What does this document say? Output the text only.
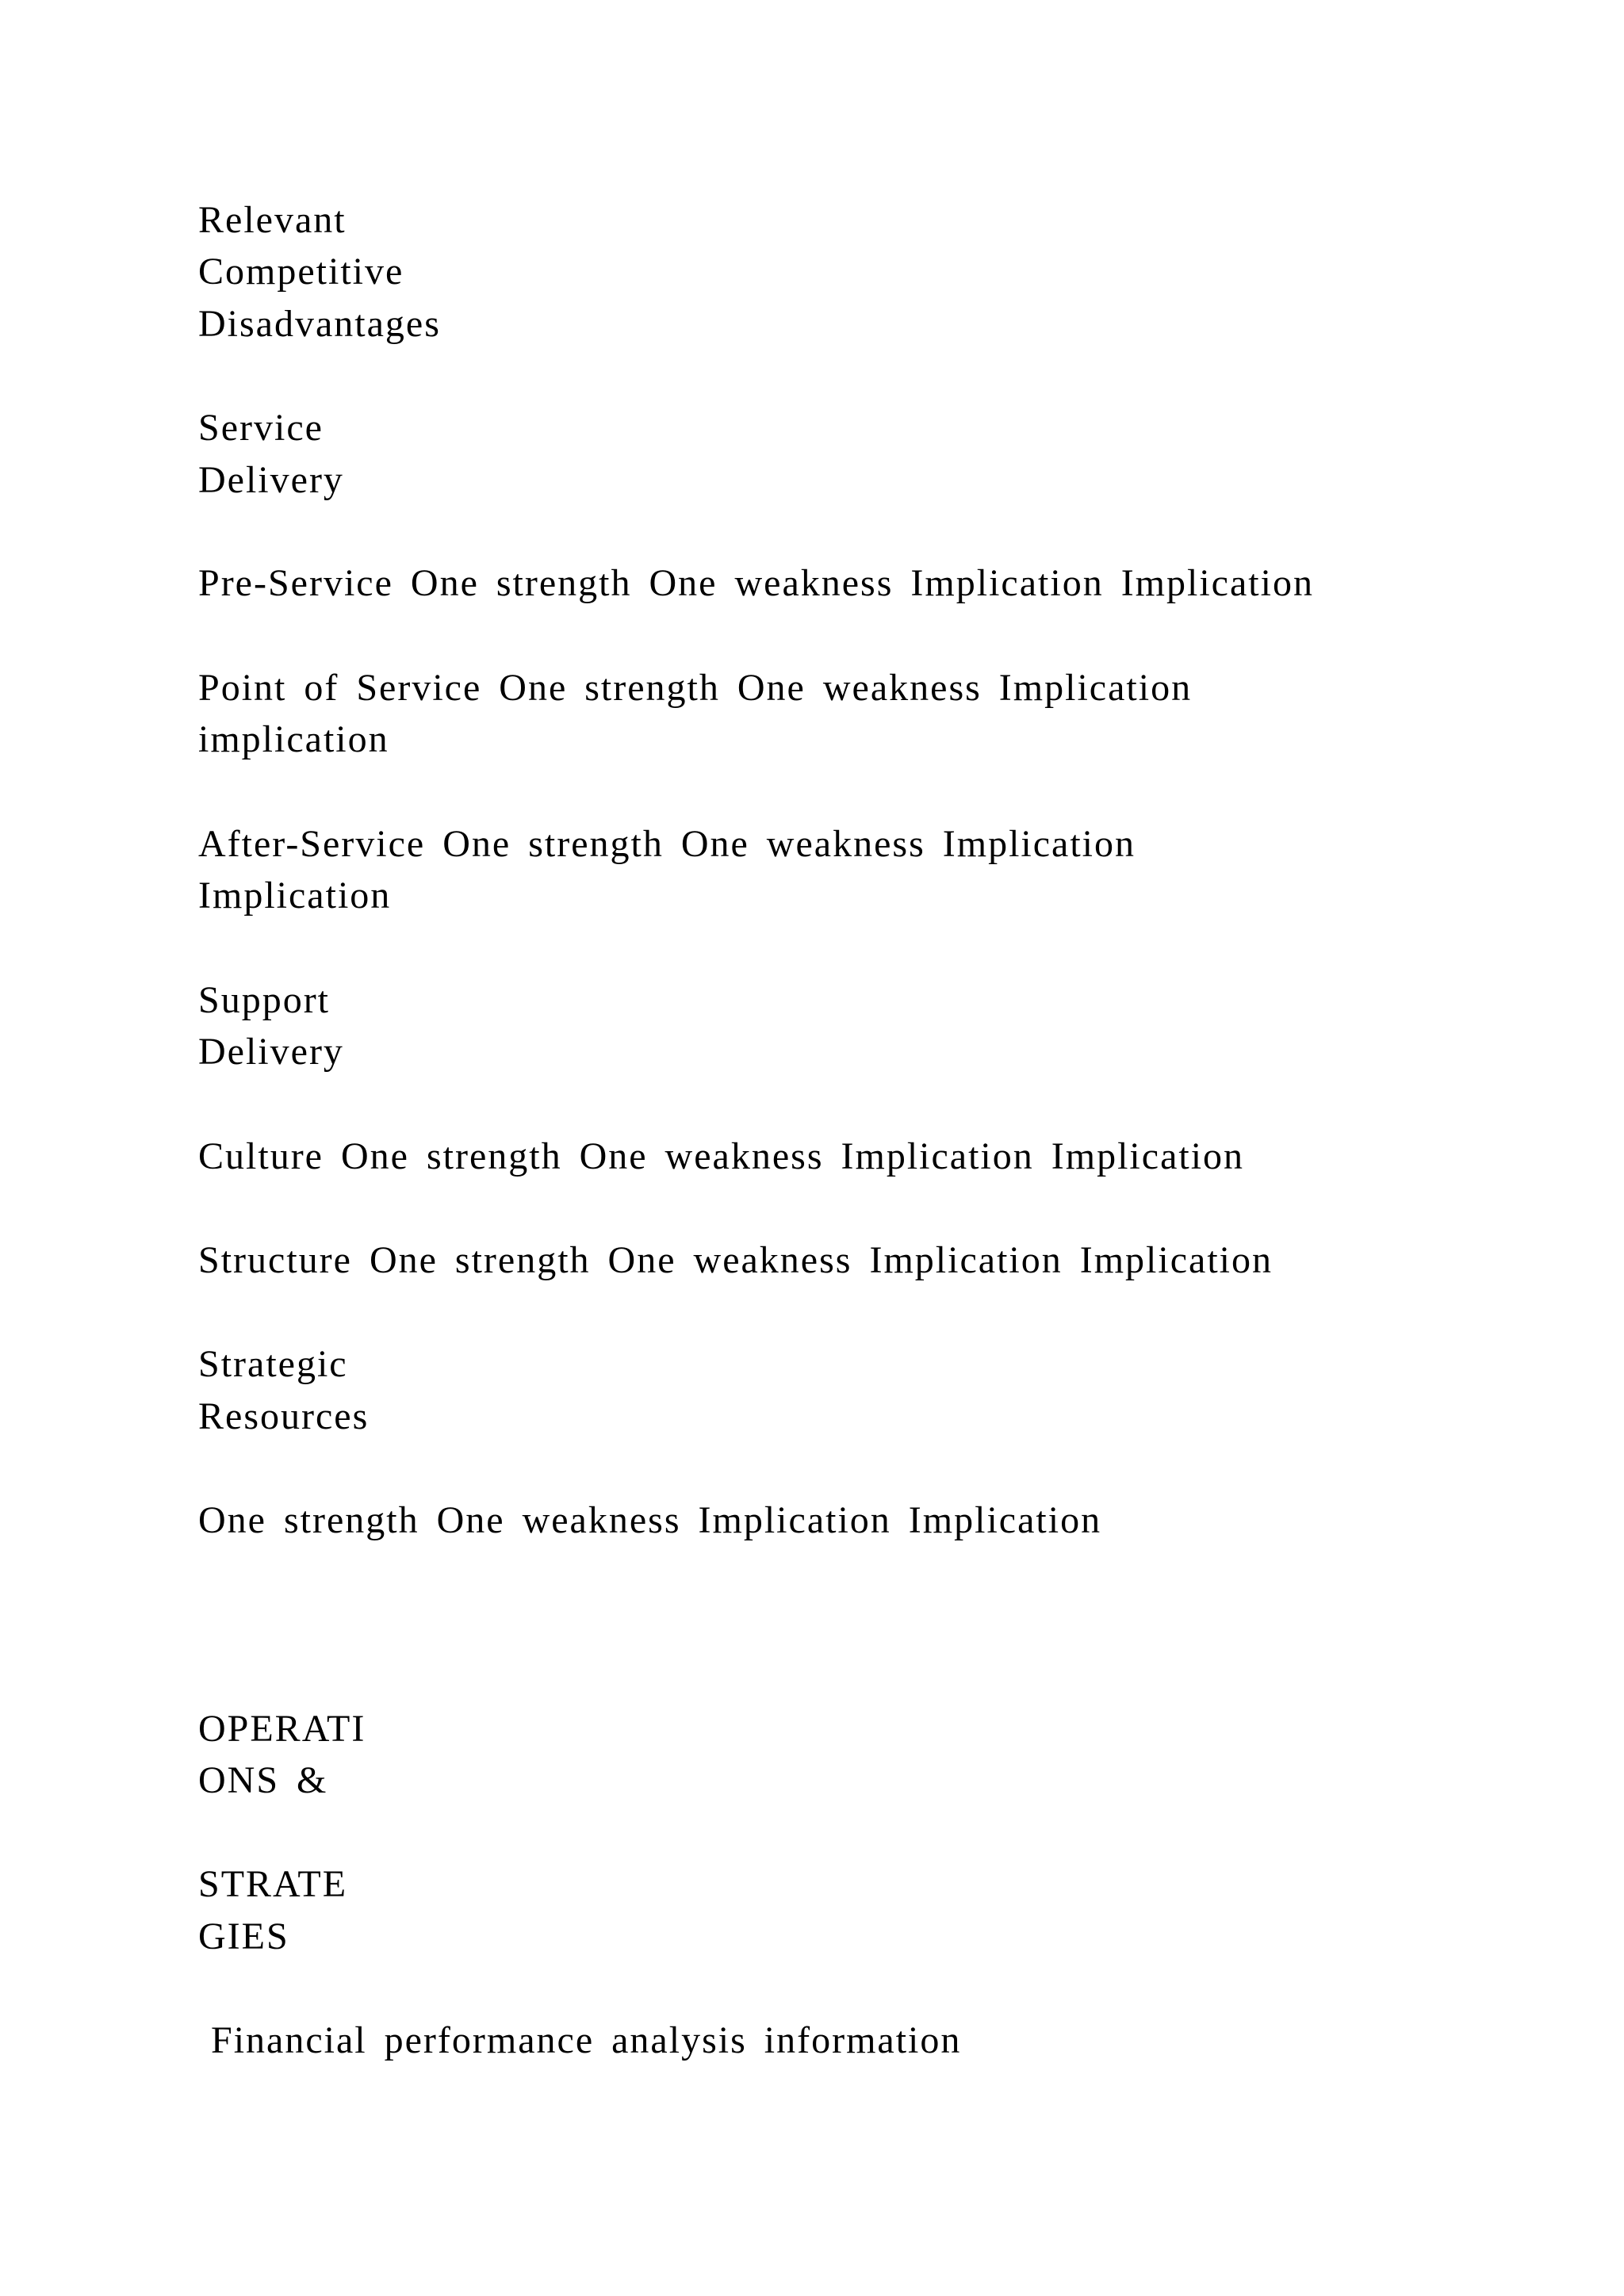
Relevant
Competitive
Disadvantages
Service
Delivery
Pre-Service One strength One weakness Implication Implication
Point of Service One strength One weakness Implication
implication
After-Service One strength One weakness Implication
Implication
Support
Delivery
Culture One strength One weakness Implication Implication
Structure One strength One weakness Implication Implication
Strategic
Resources
One strength One weakness Implication Implication
OPERATI
ONS &
STRATE
GIES
Financial performance analysis information
